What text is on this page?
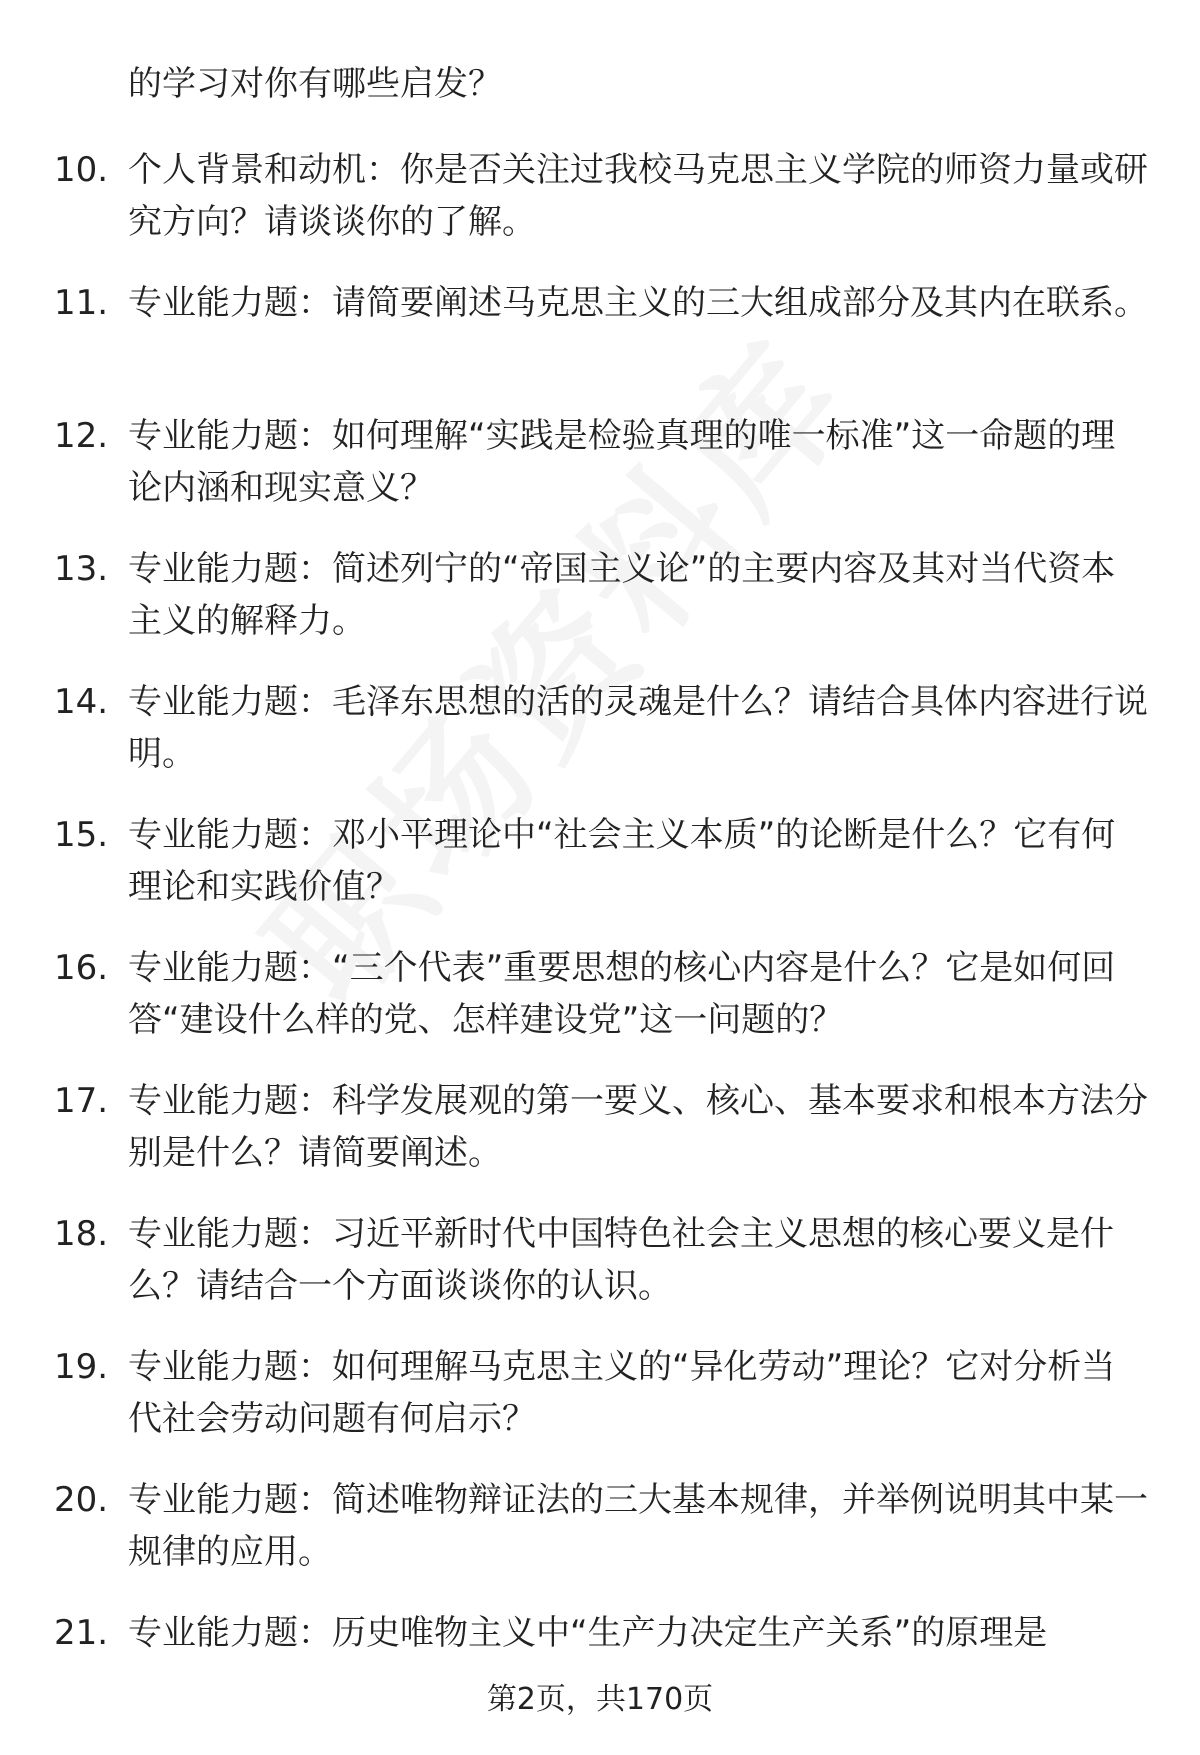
的学习对你有哪些启发？
10. 个人背景和动机：你是否关注过我校马克思主义学院的师资力量或研究方向？请谈谈你的了解。
11. 专业能力题：请简要阐述马克思主义的三大组成部分及其内在联系。
12. 专业能力题：如何理解“实践是检验真理的唯一标准”这一命题的理论内涵和现实意义？
13. 专业能力题：简述列宁的“帝国主义论”的主要内容及其对当代资本主义的解释力。
14. 专业能力题：毛泽东思想的活的灵魂是什么？请结合具体内容进行说明。
15. 专业能力题：邓小平理论中“社会主义本质”的论断是什么？它有何理论和实践价值？
16. 专业能力题：“三个代表”重要思想的核心内容是什么？它是如何回答“建设什么样的党、怎样建设党”这一问题的？
17. 专业能力题：科学发展观的第一要义、核心、基本要求和根本方法分别是什么？请简要阐述。
18. 专业能力题：习近平新时代中国特色社会主义思想的核心要义是什么？请结合一个方面谈谈你的认识。
19. 专业能力题：如何理解马克思主义的“异化劳动”理论？它对分析当代社会劳动问题有何启示？
20. 专业能力题：简述唯物辩证法的三大基本规律，并举例说明其中某一规律的应用。
21. 专业能力题：历史唯物主义中“生产力决定生产关系”的原理是
第2页，共170页
